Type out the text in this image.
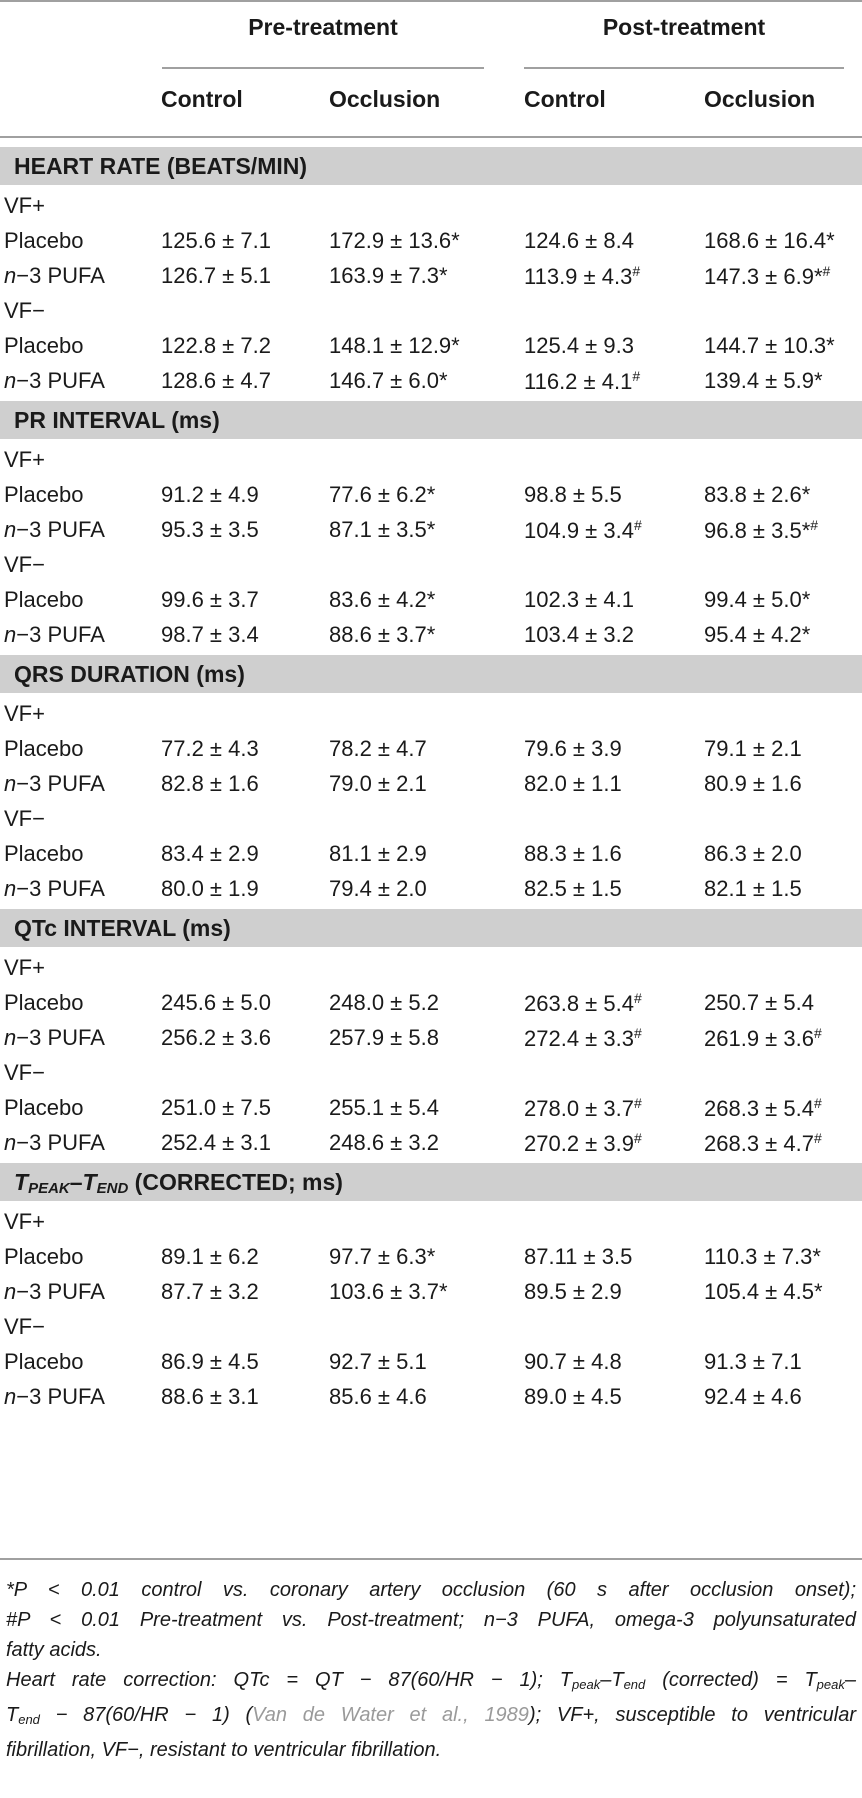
Pre-treatment	Post-treatment
Control	Occlusion	Control	Occlusion
HEART RATE (BEATS/MIN)
VF+
Placebo	125.6 ± 7.1	172.9 ± 13.6*	124.6 ± 8.4	168.6 ± 16.4*
n−3 PUFA	126.7 ± 5.1	163.9 ± 7.3*	113.9 ± 4.3#	147.3 ± 6.9*#
VF−
Placebo	122.8 ± 7.2	148.1 ± 12.9*	125.4 ± 9.3	144.7 ± 10.3*
n−3 PUFA	128.6 ± 4.7	146.7 ± 6.0*	116.2 ± 4.1#	139.4 ± 5.9*
PR INTERVAL (ms)
VF+
Placebo	91.2 ± 4.9	77.6 ± 6.2*	98.8 ± 5.5	83.8 ± 2.6*
n−3 PUFA	95.3 ± 3.5	87.1 ± 3.5*	104.9 ± 3.4#	96.8 ± 3.5*#
VF−
Placebo	99.6 ± 3.7	83.6 ± 4.2*	102.3 ± 4.1	99.4 ± 5.0*
n−3 PUFA	98.7 ± 3.4	88.6 ± 3.7*	103.4 ± 3.2	95.4 ± 4.2*
QRS DURATION (ms)
VF+
Placebo	77.2 ± 4.3	78.2 ± 4.7	79.6 ± 3.9	79.1 ± 2.1
n−3 PUFA	82.8 ± 1.6	79.0 ± 2.1	82.0 ± 1.1	80.9 ± 1.6
VF−
Placebo	83.4 ± 2.9	81.1 ± 2.9	88.3 ± 1.6	86.3 ± 2.0
n−3 PUFA	80.0 ± 1.9	79.4 ± 2.0	82.5 ± 1.5	82.1 ± 1.5
QTc INTERVAL (ms)
VF+
Placebo	245.6 ± 5.0	248.0 ± 5.2	263.8 ± 5.4#	250.7 ± 5.4
n−3 PUFA	256.2 ± 3.6	257.9 ± 5.8	272.4 ± 3.3#	261.9 ± 3.6#
VF−
Placebo	251.0 ± 7.5	255.1 ± 5.4	278.0 ± 3.7#	268.3 ± 5.4#
n−3 PUFA	252.4 ± 3.1	248.6 ± 3.2	270.2 ± 3.9#	268.3 ± 4.7#
$T_{PEAK}-T_{END}$ (CORRECTED; ms)
VF+
Placebo	89.1 ± 6.2	97.7 ± 6.3*	87.11 ± 3.5	110.3 ± 7.3*
n−3 PUFA	87.7 ± 3.2	103.6 ± 3.7*	89.5 ± 2.9	105.4 ± 4.5*
VF−
Placebo	86.9 ± 4.5	92.7 ± 5.1	90.7 ± 4.8	91.3 ± 7.1
n−3 PUFA	88.6 ± 3.1	85.6 ± 4.6	89.0 ± 4.5	92.4 ± 4.6
*P < 0.01 control vs. coronary artery occlusion (60 s after occlusion onset);
#P < 0.01 Pre-treatment vs. Post-treatment; n−3 PUFA, omega-3 polyunsaturated
fatty acids.
Heart rate correction: QTc = QT − 87(60/HR − 1); $T_{peak}-T_{end}$ (corrected) = $T_{peak}-$
$T_{end} - 87(60/HR - 1)$ (Van de Water et al., 1989); VF+, susceptible to ventricular
fibrillation, VF−, resistant to ventricular fibrillation.
